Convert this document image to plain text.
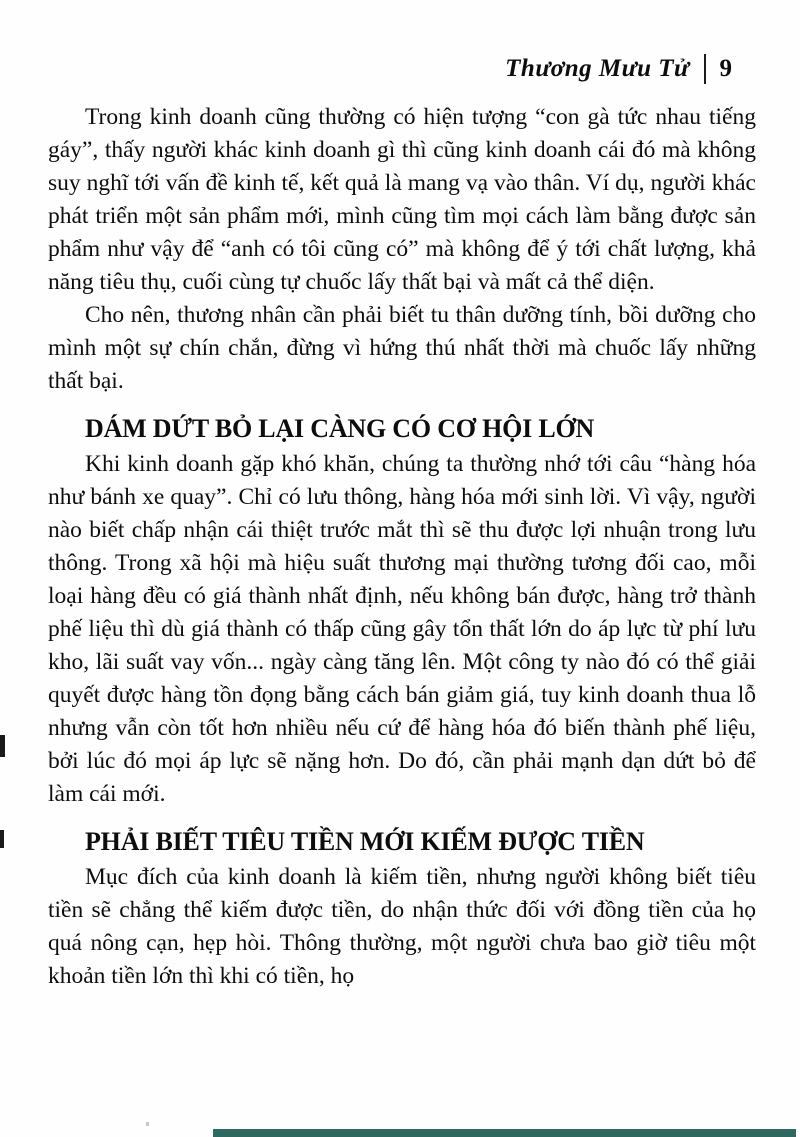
Thương Mưu Tử 9

Trong kinh doanh cũng thường có hiện tượng “con gà tức nhau tiếng gáy”, thấy người khác kinh doanh gì thì cũng kinh doanh cái đó mà không suy nghĩ tới vấn đề kinh tế, kết quả là mang vạ vào thân. Ví dụ, người khác phát triển một sản phẩm mới, mình cũng tìm mọi cách làm bằng được sản phẩm như vậy để “anh có tôi cũng có” mà không để ý tới chất lượng, khả năng tiêu thụ, cuối cùng tự chuốc lấy thất bại và mất cả thể diện.

Cho nên, thương nhân cần phải biết tu thân dưỡng tính, bồi dưỡng cho mình một sự chín chắn, đừng vì hứng thú nhất thời mà chuốc lấy những thất bại.

DÁM DỨT BỎ LẠI CÀNG CÓ CƠ HỘI LỚN

Khi kinh doanh gặp khó khăn, chúng ta thường nhớ tới câu “hàng hóa như bánh xe quay”. Chỉ có lưu thông, hàng hóa mới sinh lời. Vì vậy, người nào biết chấp nhận cái thiệt trước mắt thì sẽ thu được lợi nhuận trong lưu thông. Trong xã hội mà hiệu suất thương mại thường tương đối cao, mỗi loại hàng đều có giá thành nhất định, nếu không bán được, hàng trở thành phế liệu thì dù giá thành có thấp cũng gây tổn thất lớn do áp lực từ phí lưu kho, lãi suất vay vốn... ngày càng tăng lên. Một công ty nào đó có thể giải quyết được hàng tồn đọng bằng cách bán giảm giá, tuy kinh doanh thua lỗ nhưng vẫn còn tốt hơn nhiều nếu cứ để hàng hóa đó biến thành phế liệu, bởi lúc đó mọi áp lực sẽ nặng hơn. Do đó, cần phải mạnh dạn dứt bỏ để làm cái mới.

PHẢI BIẾT TIÊU TIỀN MỚI KIẾM ĐƯỢC TIỀN

Mục đích của kinh doanh là kiếm tiền, nhưng người không biết tiêu tiền sẽ chẳng thể kiếm được tiền, do nhận thức đối với đồng tiền của họ quá nông cạn, hẹp hòi. Thông thường, một người chưa bao giờ tiêu một khoản tiền lớn thì khi có tiền, họ
